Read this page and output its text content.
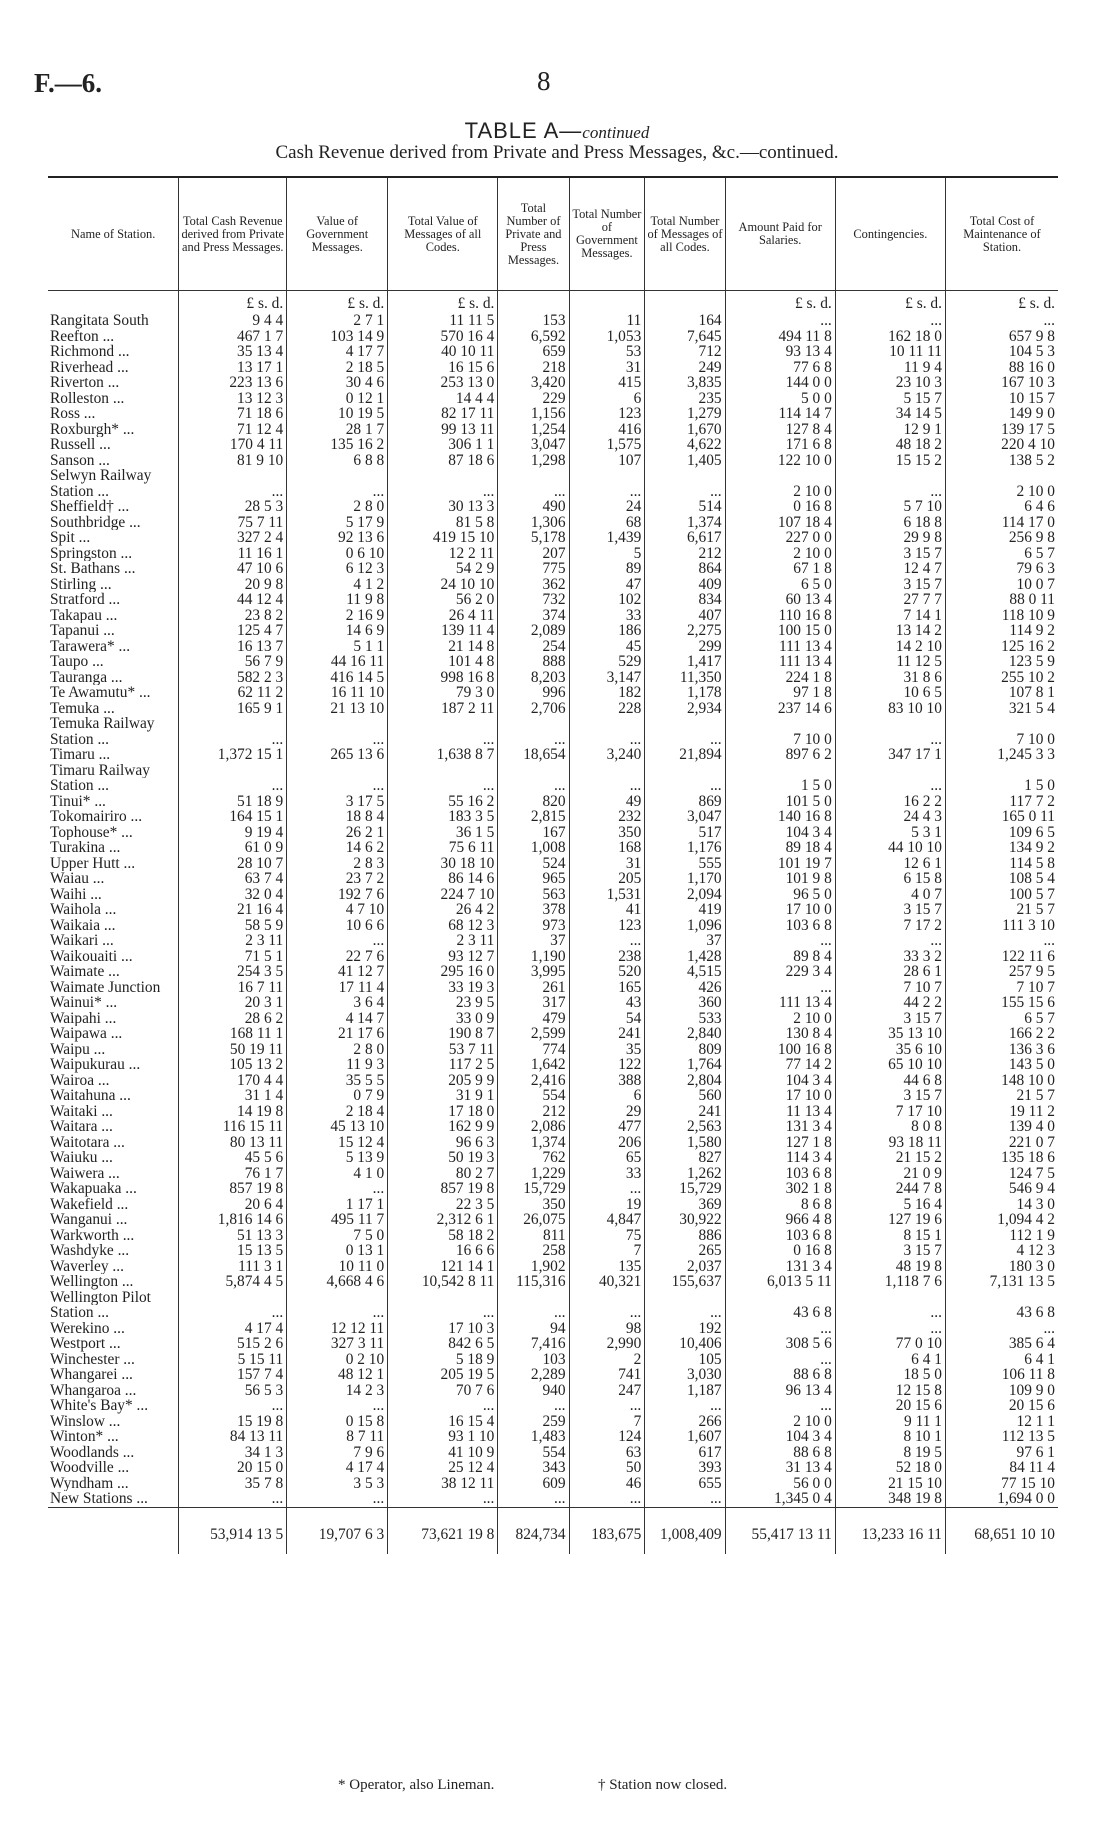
F.—6.	8
TABLE A—continued
Cash Revenue derived from Private and Press Messages, &c.—continued.
Name of Station.	Total Cash Revenue derived from Private and Press Messages.	Value of Government Messages.	Total Value of Messages of all Codes.	Total Number of Private and Press Messages.	Total Number of Government Messages.	Total Number of Messages of all Codes.	Amount Paid for Salaries.	Contingencies.	Total Cost of Maintenance of Station.
	£ s. d.	£ s. d.	£ s. d.				£ s. d.	£ s. d.	£ s. d.
Rangitata South	9 4 4	2 7 1	11 11 5	153	11	164	...	...	...
Reefton ...	467 1 7	103 14 9	570 16 4	6,592	1,053	7,645	494 11 8	162 18 0	657 9 8
Richmond ...	35 13 4	4 17 7	40 10 11	659	53	712	93 13 4	10 11 11	104 5 3
Riverhead ...	13 17 1	2 18 5	16 15 6	218	31	249	77 6 8	11 9 4	88 16 0
Riverton ...	223 13 6	30 4 6	253 13 0	3,420	415	3,835	144 0 0	23 10 3	167 10 3
Rolleston ...	13 12 3	0 12 1	14 4 4	229	6	235	5 0 0	5 15 7	10 15 7
Ross ...	71 18 6	10 19 5	82 17 11	1,156	123	1,279	114 14 7	34 14 5	149 9 0
Roxburgh* ...	71 12 4	28 1 7	99 13 11	1,254	416	1,670	127 8 4	12 9 1	139 17 5
Russell ...	170 4 11	135 16 2	306 1 1	3,047	1,575	4,622	171 6 8	48 18 2	220 4 10
Sanson ...	81 9 10	6 8 8	87 18 6	1,298	107	1,405	122 10 0	15 15 2	138 5 2
Selwyn Railway									
Station ...	...	...	...	...	...	...	2 10 0	...	2 10 0
Sheffield† ...	28 5 3	2 8 0	30 13 3	490	24	514	0 16 8	5 7 10	6 4 6
Southbridge ...	75 7 11	5 17 9	81 5 8	1,306	68	1,374	107 18 4	6 18 8	114 17 0
Spit ...	327 2 4	92 13 6	419 15 10	5,178	1,439	6,617	227 0 0	29 9 8	256 9 8
Springston ...	11 16 1	0 6 10	12 2 11	207	5	212	2 10 0	3 15 7	6 5 7
St. Bathans ...	47 10 6	6 12 3	54 2 9	775	89	864	67 1 8	12 4 7	79 6 3
Stirling ...	20 9 8	4 1 2	24 10 10	362	47	409	6 5 0	3 15 7	10 0 7
Stratford ...	44 12 4	11 9 8	56 2 0	732	102	834	60 13 4	27 7 7	88 0 11
Takapau ...	23 8 2	2 16 9	26 4 11	374	33	407	110 16 8	7 14 1	118 10 9
Tapanui ...	125 4 7	14 6 9	139 11 4	2,089	186	2,275	100 15 0	13 14 2	114 9 2
Tarawera* ...	16 13 7	5 1 1	21 14 8	254	45	299	111 13 4	14 2 10	125 16 2
Taupo ...	56 7 9	44 16 11	101 4 8	888	529	1,417	111 13 4	11 12 5	123 5 9
Tauranga ...	582 2 3	416 14 5	998 16 8	8,203	3,147	11,350	224 1 8	31 8 6	255 10 2
Te Awamutu* ...	62 11 2	16 11 10	79 3 0	996	182	1,178	97 1 8	10 6 5	107 8 1
Temuka ...	165 9 1	21 13 10	187 2 11	2,706	228	2,934	237 14 6	83 10 10	321 5 4
Temuka Railway									
Station ...	...	...	...	...	...	...	7 10 0	...	7 10 0
Timaru ...	1,372 15 1	265 13 6	1,638 8 7	18,654	3,240	21,894	897 6 2	347 17 1	1,245 3 3
Timaru Railway									
Station ...	...	...	...	...	...	...	1 5 0	...	1 5 0
Tinui* ...	51 18 9	3 17 5	55 16 2	820	49	869	101 5 0	16 2 2	117 7 2
Tokomairiro ...	164 15 1	18 8 4	183 3 5	2,815	232	3,047	140 16 8	24 4 3	165 0 11
Tophouse* ...	9 19 4	26 2 1	36 1 5	167	350	517	104 3 4	5 3 1	109 6 5
Turakina ...	61 0 9	14 6 2	75 6 11	1,008	168	1,176	89 18 4	44 10 10	134 9 2
Upper Hutt ...	28 10 7	2 8 3	30 18 10	524	31	555	101 19 7	12 6 1	114 5 8
Waiau ...	63 7 4	23 7 2	86 14 6	965	205	1,170	101 9 8	6 15 8	108 5 4
Waihi ...	32 0 4	192 7 6	224 7 10	563	1,531	2,094	96 5 0	4 0 7	100 5 7
Waihola ...	21 16 4	4 7 10	26 4 2	378	41	419	17 10 0	3 15 7	21 5 7
Waikaia ...	58 5 9	10 6 6	68 12 3	973	123	1,096	103 6 8	7 17 2	111 3 10
Waikari ...	2 3 11	...	2 3 11	37	...	37	...	...	...
Waikouaiti ...	71 5 1	22 7 6	93 12 7	1,190	238	1,428	89 8 4	33 3 2	122 11 6
Waimate ...	254 3 5	41 12 7	295 16 0	3,995	520	4,515	229 3 4	28 6 1	257 9 5
Waimate Junction	16 7 11	17 11 4	33 19 3	261	165	426	...	7 10 7	7 10 7
Wainui* ...	20 3 1	3 6 4	23 9 5	317	43	360	111 13 4	44 2 2	155 15 6
Waipahi ...	28 6 2	4 14 7	33 0 9	479	54	533	2 10 0	3 15 7	6 5 7
Waipawa ...	168 11 1	21 17 6	190 8 7	2,599	241	2,840	130 8 4	35 13 10	166 2 2
Waipu ...	50 19 11	2 8 0	53 7 11	774	35	809	100 16 8	35 6 10	136 3 6
Waipukurau ...	105 13 2	11 9 3	117 2 5	1,642	122	1,764	77 14 2	65 10 10	143 5 0
Wairoa ...	170 4 4	35 5 5	205 9 9	2,416	388	2,804	104 3 4	44 6 8	148 10 0
Waitahuna ...	31 1 4	0 7 9	31 9 1	554	6	560	17 10 0	3 15 7	21 5 7
Waitaki ...	14 19 8	2 18 4	17 18 0	212	29	241	11 13 4	7 17 10	19 11 2
Waitara ...	116 15 11	45 13 10	162 9 9	2,086	477	2,563	131 3 4	8 0 8	139 4 0
Waitotara ...	80 13 11	15 12 4	96 6 3	1,374	206	1,580	127 1 8	93 18 11	221 0 7
Waiuku ...	45 5 6	5 13 9	50 19 3	762	65	827	114 3 4	21 15 2	135 18 6
Waiwera ...	76 1 7	4 1 0	80 2 7	1,229	33	1,262	103 6 8	21 0 9	124 7 5
Wakapuaka ...	857 19 8	...	857 19 8	15,729	...	15,729	302 1 8	244 7 8	546 9 4
Wakefield ...	20 6 4	1 17 1	22 3 5	350	19	369	8 6 8	5 16 4	14 3 0
Wanganui ...	1,816 14 6	495 11 7	2,312 6 1	26,075	4,847	30,922	966 4 8	127 19 6	1,094 4 2
Warkworth ...	51 13 3	7 5 0	58 18 2	811	75	886	103 6 8	8 15 1	112 1 9
Washdyke ...	15 13 5	0 13 1	16 6 6	258	7	265	0 16 8	3 15 7	4 12 3
Waverley ...	111 3 1	10 11 0	121 14 1	1,902	135	2,037	131 3 4	48 19 8	180 3 0
Wellington ...	5,874 4 5	4,668 4 6	10,542 8 11	115,316	40,321	155,637	6,013 5 11	1,118 7 6	7,131 13 5
Wellington Pilot									
Station ...	...	...	...	...	...	...	43 6 8	...	43 6 8
Werekino ...	4 17 4	12 12 11	17 10 3	94	98	192	...	...	...
Westport ...	515 2 6	327 3 11	842 6 5	7,416	2,990	10,406	308 5 6	77 0 10	385 6 4
Winchester ...	5 15 11	0 2 10	5 18 9	103	2	105	...	6 4 1	6 4 1
Whangarei ...	157 7 4	48 12 1	205 19 5	2,289	741	3,030	88 6 8	18 5 0	106 11 8
Whangaroa ...	56 5 3	14 2 3	70 7 6	940	247	1,187	96 13 4	12 15 8	109 9 0
White's Bay* ...	...	...	...	...	...	...	...	20 15 6	20 15 6
Winslow ...	15 19 8	0 15 8	16 15 4	259	7	266	2 10 0	9 11 1	12 1 1
Winton* ...	84 13 11	8 7 11	93 1 10	1,483	124	1,607	104 3 4	8 10 1	112 13 5
Woodlands ...	34 1 3	7 9 6	41 10 9	554	63	617	88 6 8	8 19 5	97 6 1
Woodville ...	20 15 0	4 17 4	25 12 4	343	50	393	31 13 4	52 18 0	84 11 4
Wyndham ...	35 7 8	3 5 3	38 12 11	609	46	655	56 0 0	21 15 10	77 15 10
New Stations ...	...	...	...	...	...	...	1,345 0 4	348 19 8	1,694 0 0
	53,914 13 5	19,707 6 3	73,621 19 8	824,734	183,675	1,008,409	55,417 13 11	13,233 16 11	68,651 10 10
* Operator, also Lineman.	† Station now closed.
